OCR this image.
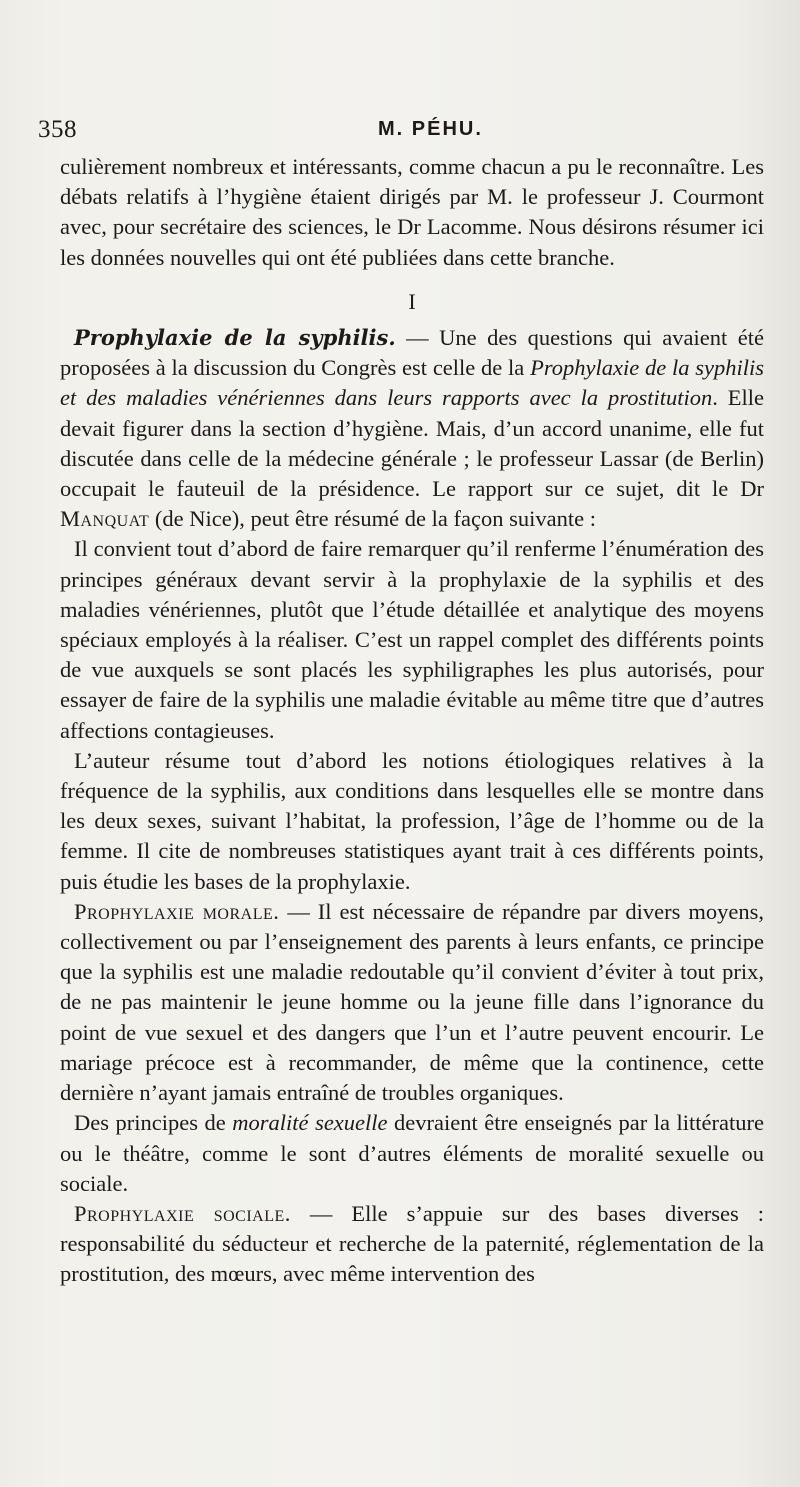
358	M. PÉHU.

culièrement nombreux et intéressants, comme chacun a pu le reconnaître. Les débats relatifs à l’hygiène étaient dirigés par M. le professeur J. Courmont avec, pour secrétaire des sciences, le Dr Lacomme. Nous désirons résumer ici les données nouvelles qui ont été publiées dans cette branche.

I

Prophylaxie de la syphilis. — Une des questions qui avaient été proposées à la discussion du Congrès est celle de la Prophylaxie de la syphilis et des maladies vénériennes dans leurs rapports avec la prostitution. Elle devait figurer dans la section d’hygiène. Mais, d’un accord unanime, elle fut discutée dans celle de la médecine générale ; le professeur Lassar (de Berlin) occupait le fauteuil de la présidence. Le rapport sur ce sujet, dit le Dr Manquat (de Nice), peut être résumé de la façon suivante :

Il convient tout d’abord de faire remarquer qu’il renferme l’énumération des principes généraux devant servir à la prophylaxie de la syphilis et des maladies vénériennes, plutôt que l’étude détaillée et analytique des moyens spéciaux employés à la réaliser. C’est un rappel complet des différents points de vue auxquels se sont placés les syphiligraphes les plus autorisés, pour essayer de faire de la syphilis une maladie évitable au même titre que d’autres affections contagieuses.

L’auteur résume tout d’abord les notions étiologiques relatives à la fréquence de la syphilis, aux conditions dans lesquelles elle se montre dans les deux sexes, suivant l’habitat, la profession, l’âge de l’homme ou de la femme. Il cite de nombreuses statistiques ayant trait à ces différents points, puis étudie les bases de la prophylaxie.

Prophylaxie morale. — Il est nécessaire de répandre par divers moyens, collectivement ou par l’enseignement des parents à leurs enfants, ce principe que la syphilis est une maladie redoutable qu’il convient d’éviter à tout prix, de ne pas maintenir le jeune homme ou la jeune fille dans l’ignorance du point de vue sexuel et des dangers que l’un et l’autre peuvent encourir. Le mariage précoce est à recommander, de même que la continence, cette dernière n’ayant jamais entraîné de troubles organiques.

Des principes de moralité sexuelle devraient être enseignés par la littérature ou le théâtre, comme le sont d’autres éléments de moralité sexuelle ou sociale.

Prophylaxie sociale. — Elle s’appuie sur des bases diverses : responsabilité du séducteur et recherche de la paternité, réglementation de la prostitution, des mœurs, avec même intervention des
